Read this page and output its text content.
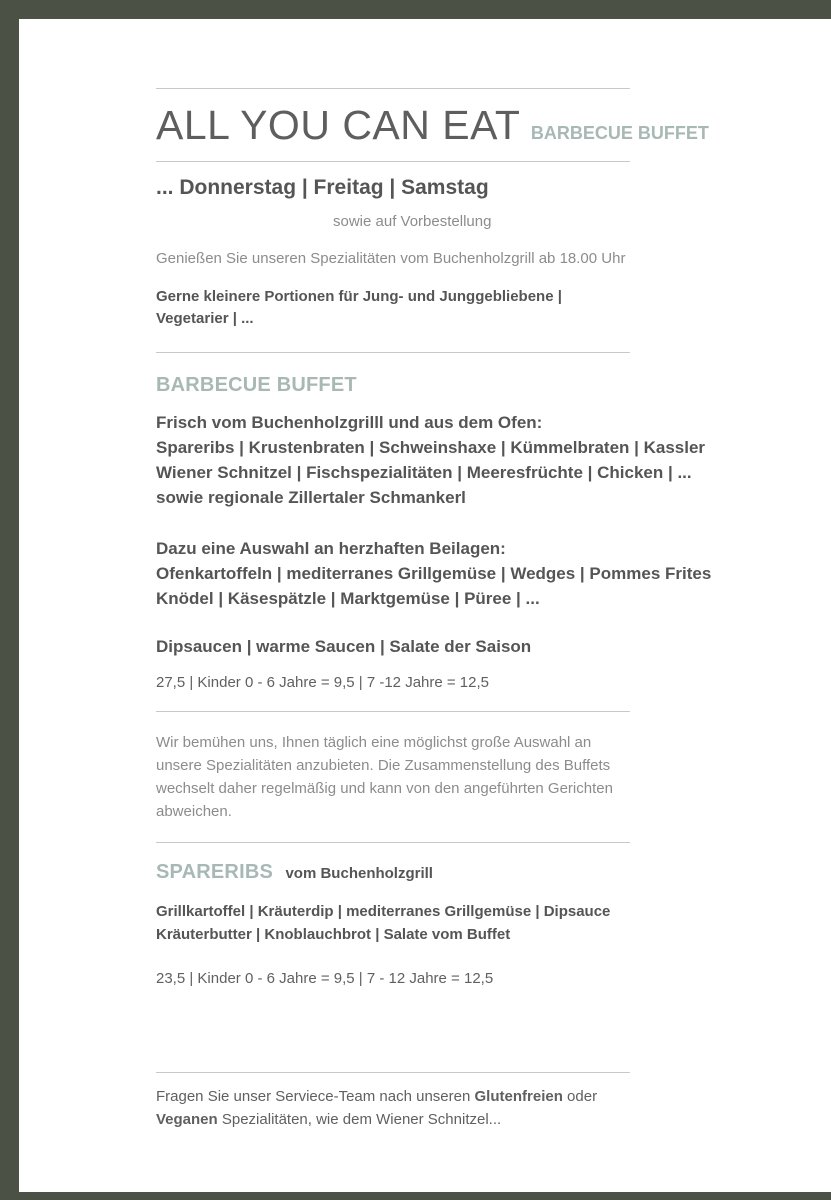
ALL YOU CAN EAT BARBECUE BUFFET
... Donnerstag | Freitag | Samstag
sowie auf Vorbestellung
Genießen Sie unseren Spezialitäten vom Buchenholzgrill ab 18.00 Uhr
Gerne kleinere Portionen für Jung- und Junggebliebene |
Vegetarier | ...
BARBECUE BUFFET
Frisch vom Buchenholzgrilll und aus dem Ofen:
Spareribs | Krustenbraten | Schweinshaxe | Kümmelbraten | Kassler
Wiener Schnitzel | Fischspezialitäten | Meeresfrüchte | Chicken | ...
sowie regionale Zillertaler Schmankerl
Dazu eine Auswahl an herzhaften Beilagen:
Ofenkartoffeln | mediterranes Grillgemüse | Wedges | Pommes Frites
Knödel | Käsespätzle | Marktgemüse | Püree | ...
Dipsaucen | warme Saucen | Salate der Saison
27,5 | Kinder 0 - 6 Jahre = 9,5 | 7 -12 Jahre = 12,5
Wir bemühen uns, Ihnen täglich eine möglichst große Auswahl an
unsere Spezialitäten anzubieten. Die Zusammenstellung des Buffets
wechselt daher regelmäßig und kann von den angeführten Gerichten
abweichen.
SPARERIBS vom Buchenholzgrill
Grillkartoffel | Kräuterdip | mediterranes Grillgemüse | Dipsauce
Kräuterbutter | Knoblauchbrot | Salate vom Buffet
23,5 | Kinder 0 - 6 Jahre = 9,5 | 7 - 12 Jahre = 12,5
Fragen Sie unser Serviece-Team nach unseren Glutenfreien oder
Veganen Spezialitäten, wie dem Wiener Schnitzel...
